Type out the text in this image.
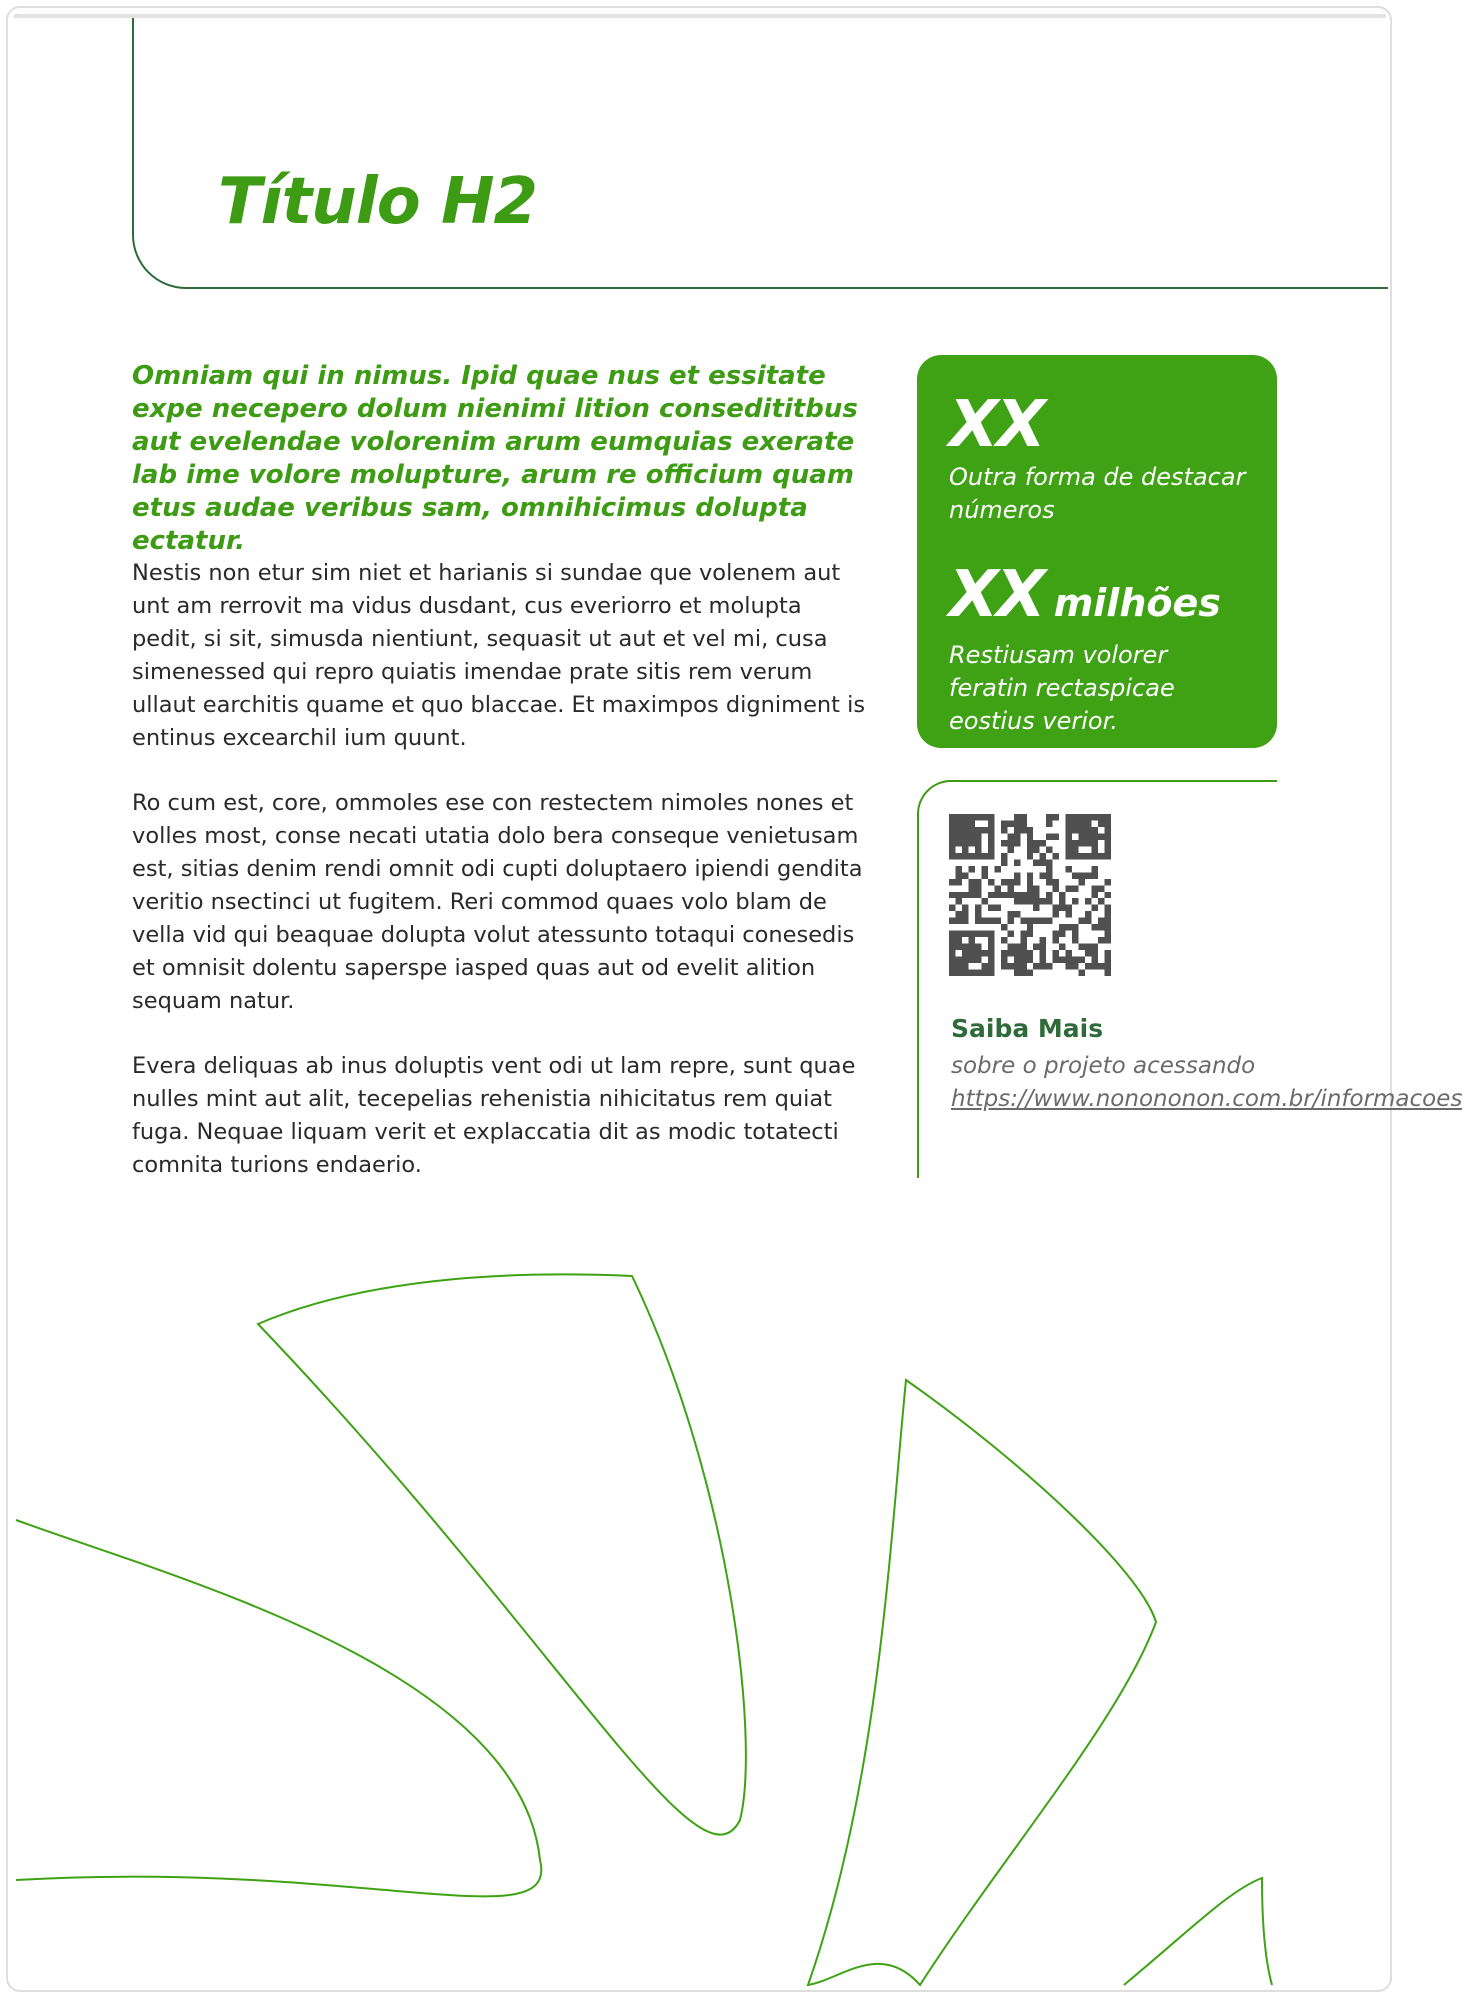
Título H2

Omniam qui in nimus. Ipid quae nus et essitate expe necepero dolum nienimi lition consedititbus aut evelendae volorenim arum eumquias exerate lab ime volore molupture, arum re officium quam etus audae veribus sam, omnihicimus dolupta ectatur.

Nestis non etur sim niet et harianis si sundae que volenem aut unt am rerrovit ma vidus dusdant, cus everiorro et molupta pedit, si sit, simusda nientiunt, sequasit ut aut et vel mi, cusa simenessed qui repro quiatis imendae prate sitis rem verum ullaut earchitis quame et quo blaccae. Et maximpos digniment is entinus excearchil ium quunt.

Ro cum est, core, ommoles ese con restectem nimoles nones et volles most, conse necati utatia dolo bera conseque venietusam est, sitias denim rendi omnit odi cupti doluptaero ipiendi gendita veritio nsectinci ut fugitem. Reri commod quaes volo blam de vella vid qui beaquae dolupta volut atessunto totaqui conesedis et omnisit dolentu saperspe iasped quas aut od evelit alition sequam natur.

Evera deliquas ab inus doluptis vent odi ut lam repre, sunt quae nulles mint aut alit, tecepelias rehenistia nihicitatus rem quiat fuga. Nequae liquam verit et explaccatia dit as modic totatecti comnita turions endaerio.

XX

Outra forma de destacar números

XX milhões

Restiusam volorer feratin rectaspicae eostius verior.

Saiba Mais

sobre o projeto acessando
https://www.nonononon.com.br/informacoes
